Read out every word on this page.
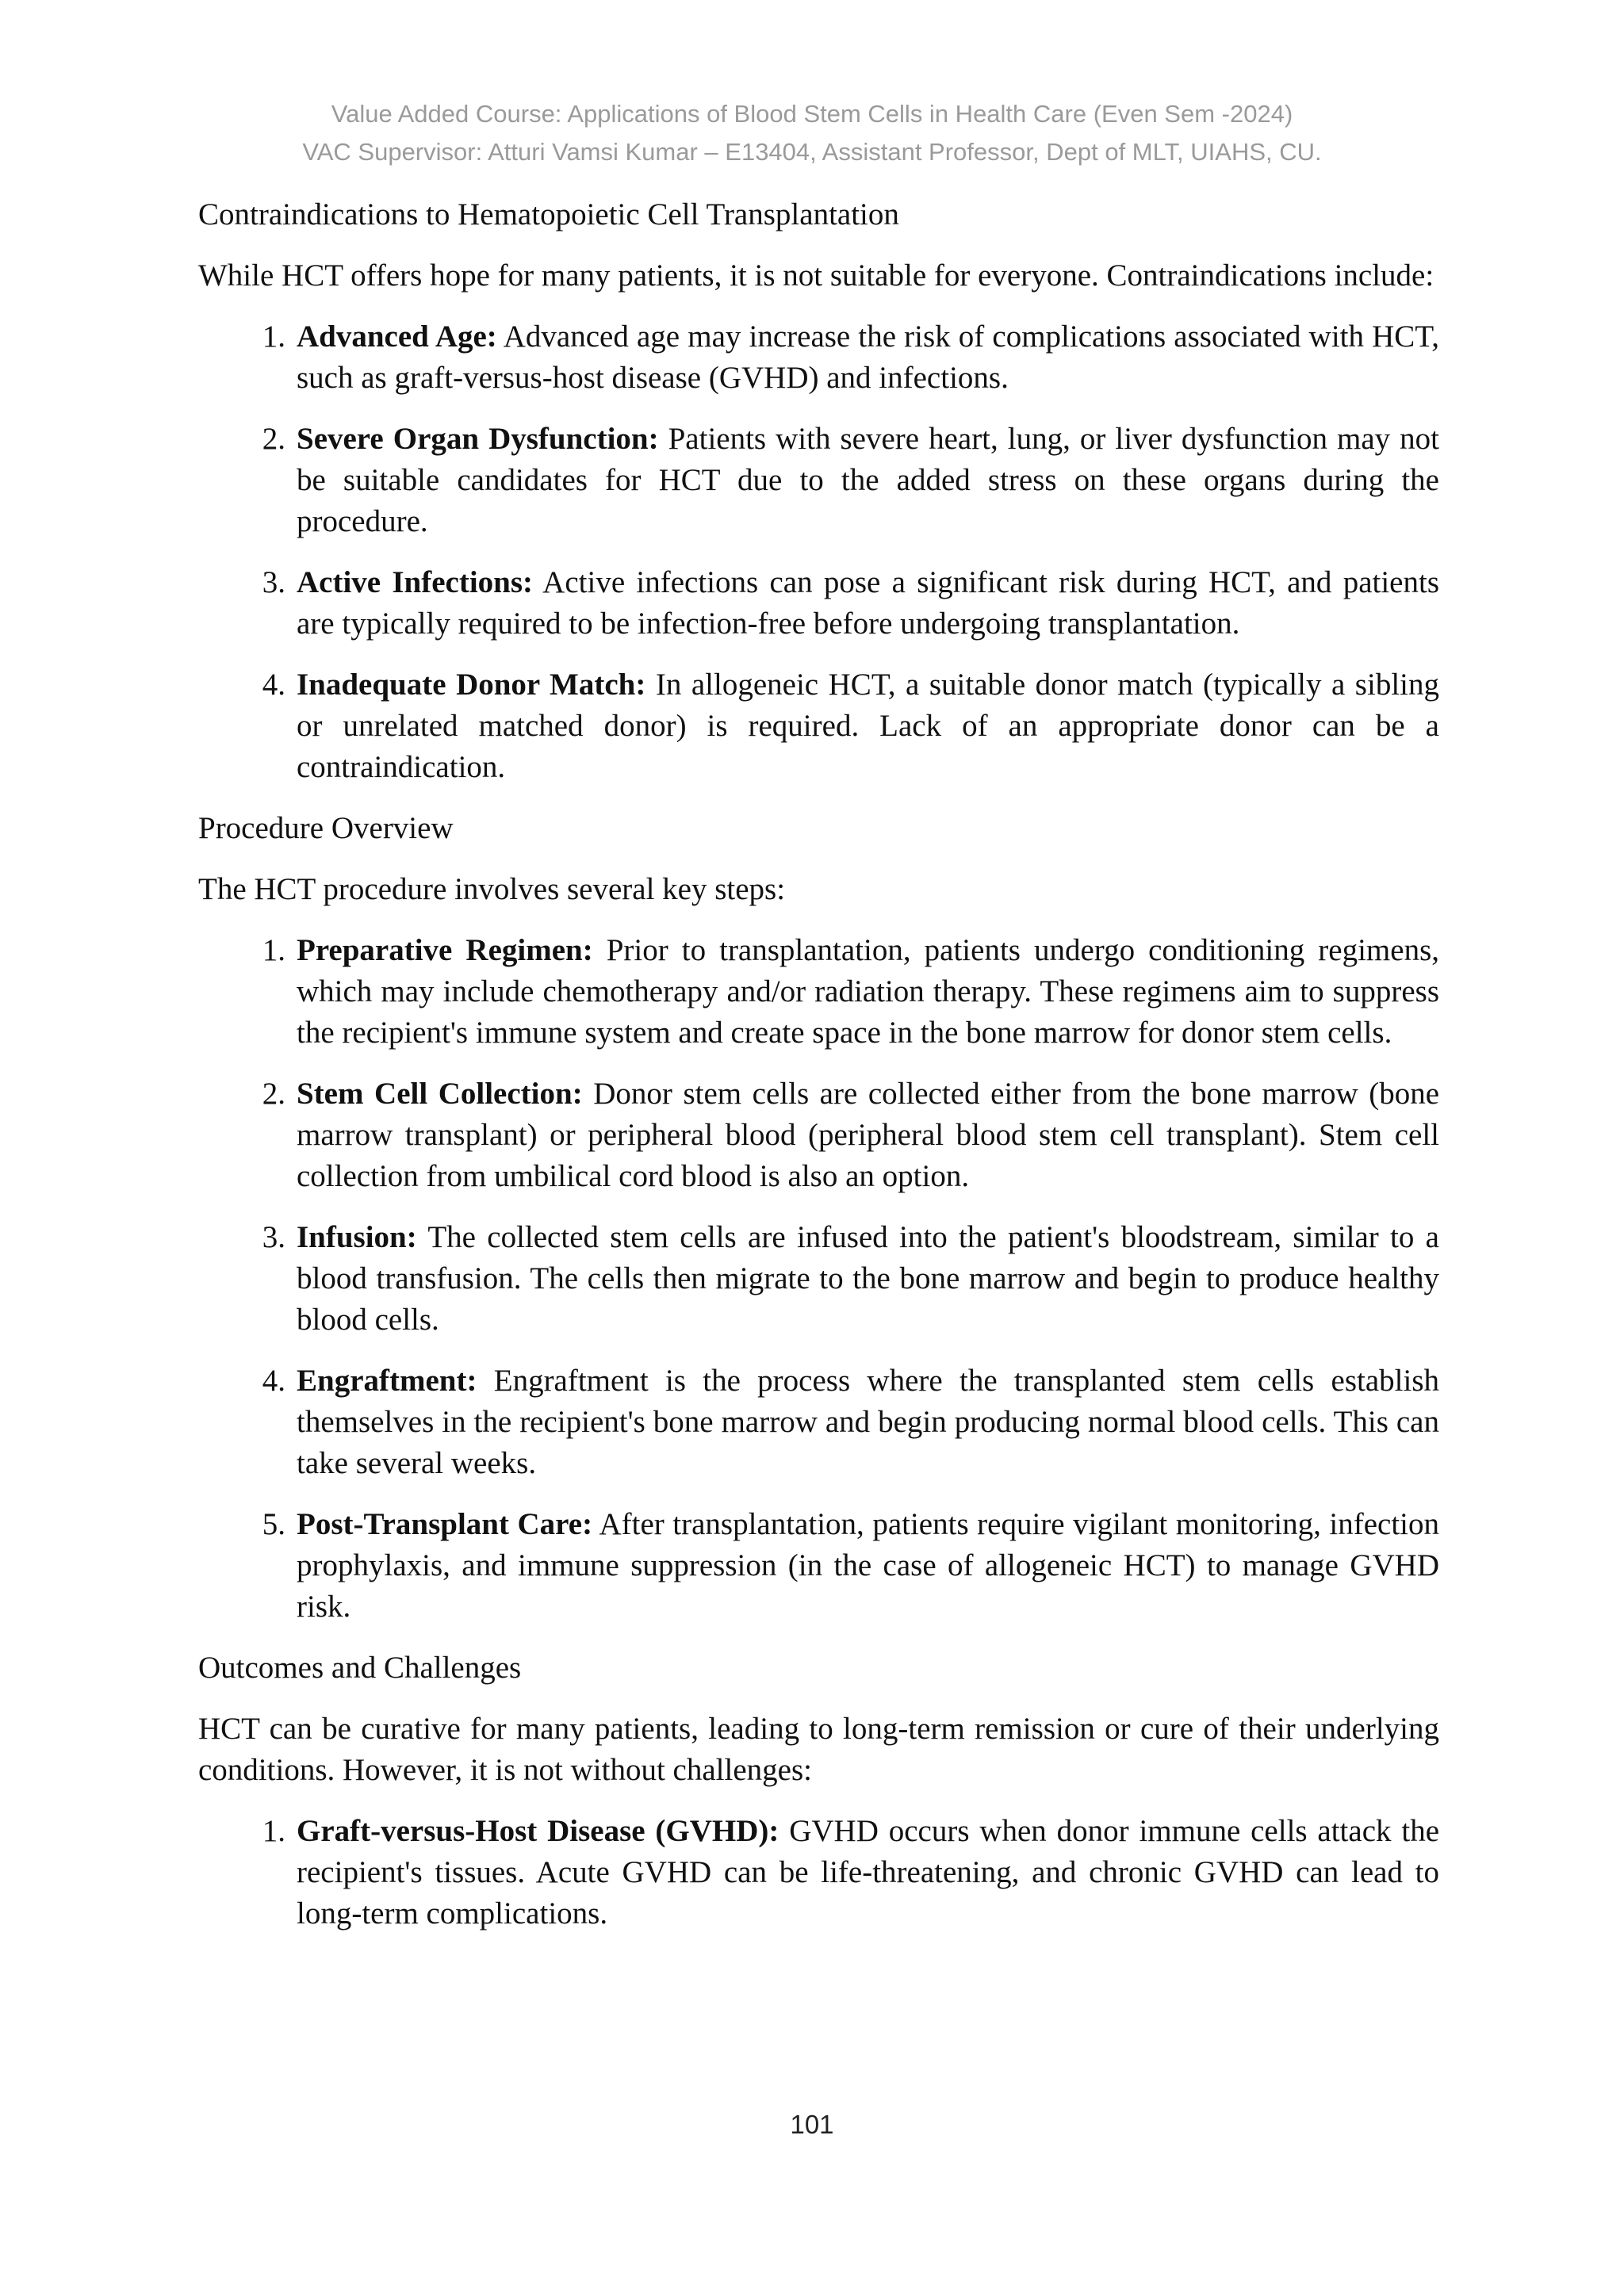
Value Added Course: Applications of Blood Stem Cells in Health Care (Even Sem -2024)
VAC Supervisor: Atturi Vamsi Kumar – E13404, Assistant Professor, Dept of MLT, UIAHS, CU.

Contraindications to Hematopoietic Cell Transplantation

While HCT offers hope for many patients, it is not suitable for everyone. Contraindications include:

1. Advanced Age: Advanced age may increase the risk of complications associated with HCT, such as graft-versus-host disease (GVHD) and infections.
2. Severe Organ Dysfunction: Patients with severe heart, lung, or liver dysfunction may not be suitable candidates for HCT due to the added stress on these organs during the procedure.
3. Active Infections: Active infections can pose a significant risk during HCT, and patients are typically required to be infection-free before undergoing transplantation.
4. Inadequate Donor Match: In allogeneic HCT, a suitable donor match (typically a sibling or unrelated matched donor) is required. Lack of an appropriate donor can be a contraindication.

Procedure Overview

The HCT procedure involves several key steps:

1. Preparative Regimen: Prior to transplantation, patients undergo conditioning regimens, which may include chemotherapy and/or radiation therapy. These regimens aim to suppress the recipient's immune system and create space in the bone marrow for donor stem cells.
2. Stem Cell Collection: Donor stem cells are collected either from the bone marrow (bone marrow transplant) or peripheral blood (peripheral blood stem cell transplant). Stem cell collection from umbilical cord blood is also an option.
3. Infusion: The collected stem cells are infused into the patient's bloodstream, similar to a blood transfusion. The cells then migrate to the bone marrow and begin to produce healthy blood cells.
4. Engraftment: Engraftment is the process where the transplanted stem cells establish themselves in the recipient's bone marrow and begin producing normal blood cells. This can take several weeks.
5. Post-Transplant Care: After transplantation, patients require vigilant monitoring, infection prophylaxis, and immune suppression (in the case of allogeneic HCT) to manage GVHD risk.

Outcomes and Challenges

HCT can be curative for many patients, leading to long-term remission or cure of their underlying conditions. However, it is not without challenges:

1. Graft-versus-Host Disease (GVHD): GVHD occurs when donor immune cells attack the recipient's tissues. Acute GVHD can be life-threatening, and chronic GVHD can lead to long-term complications.
101
